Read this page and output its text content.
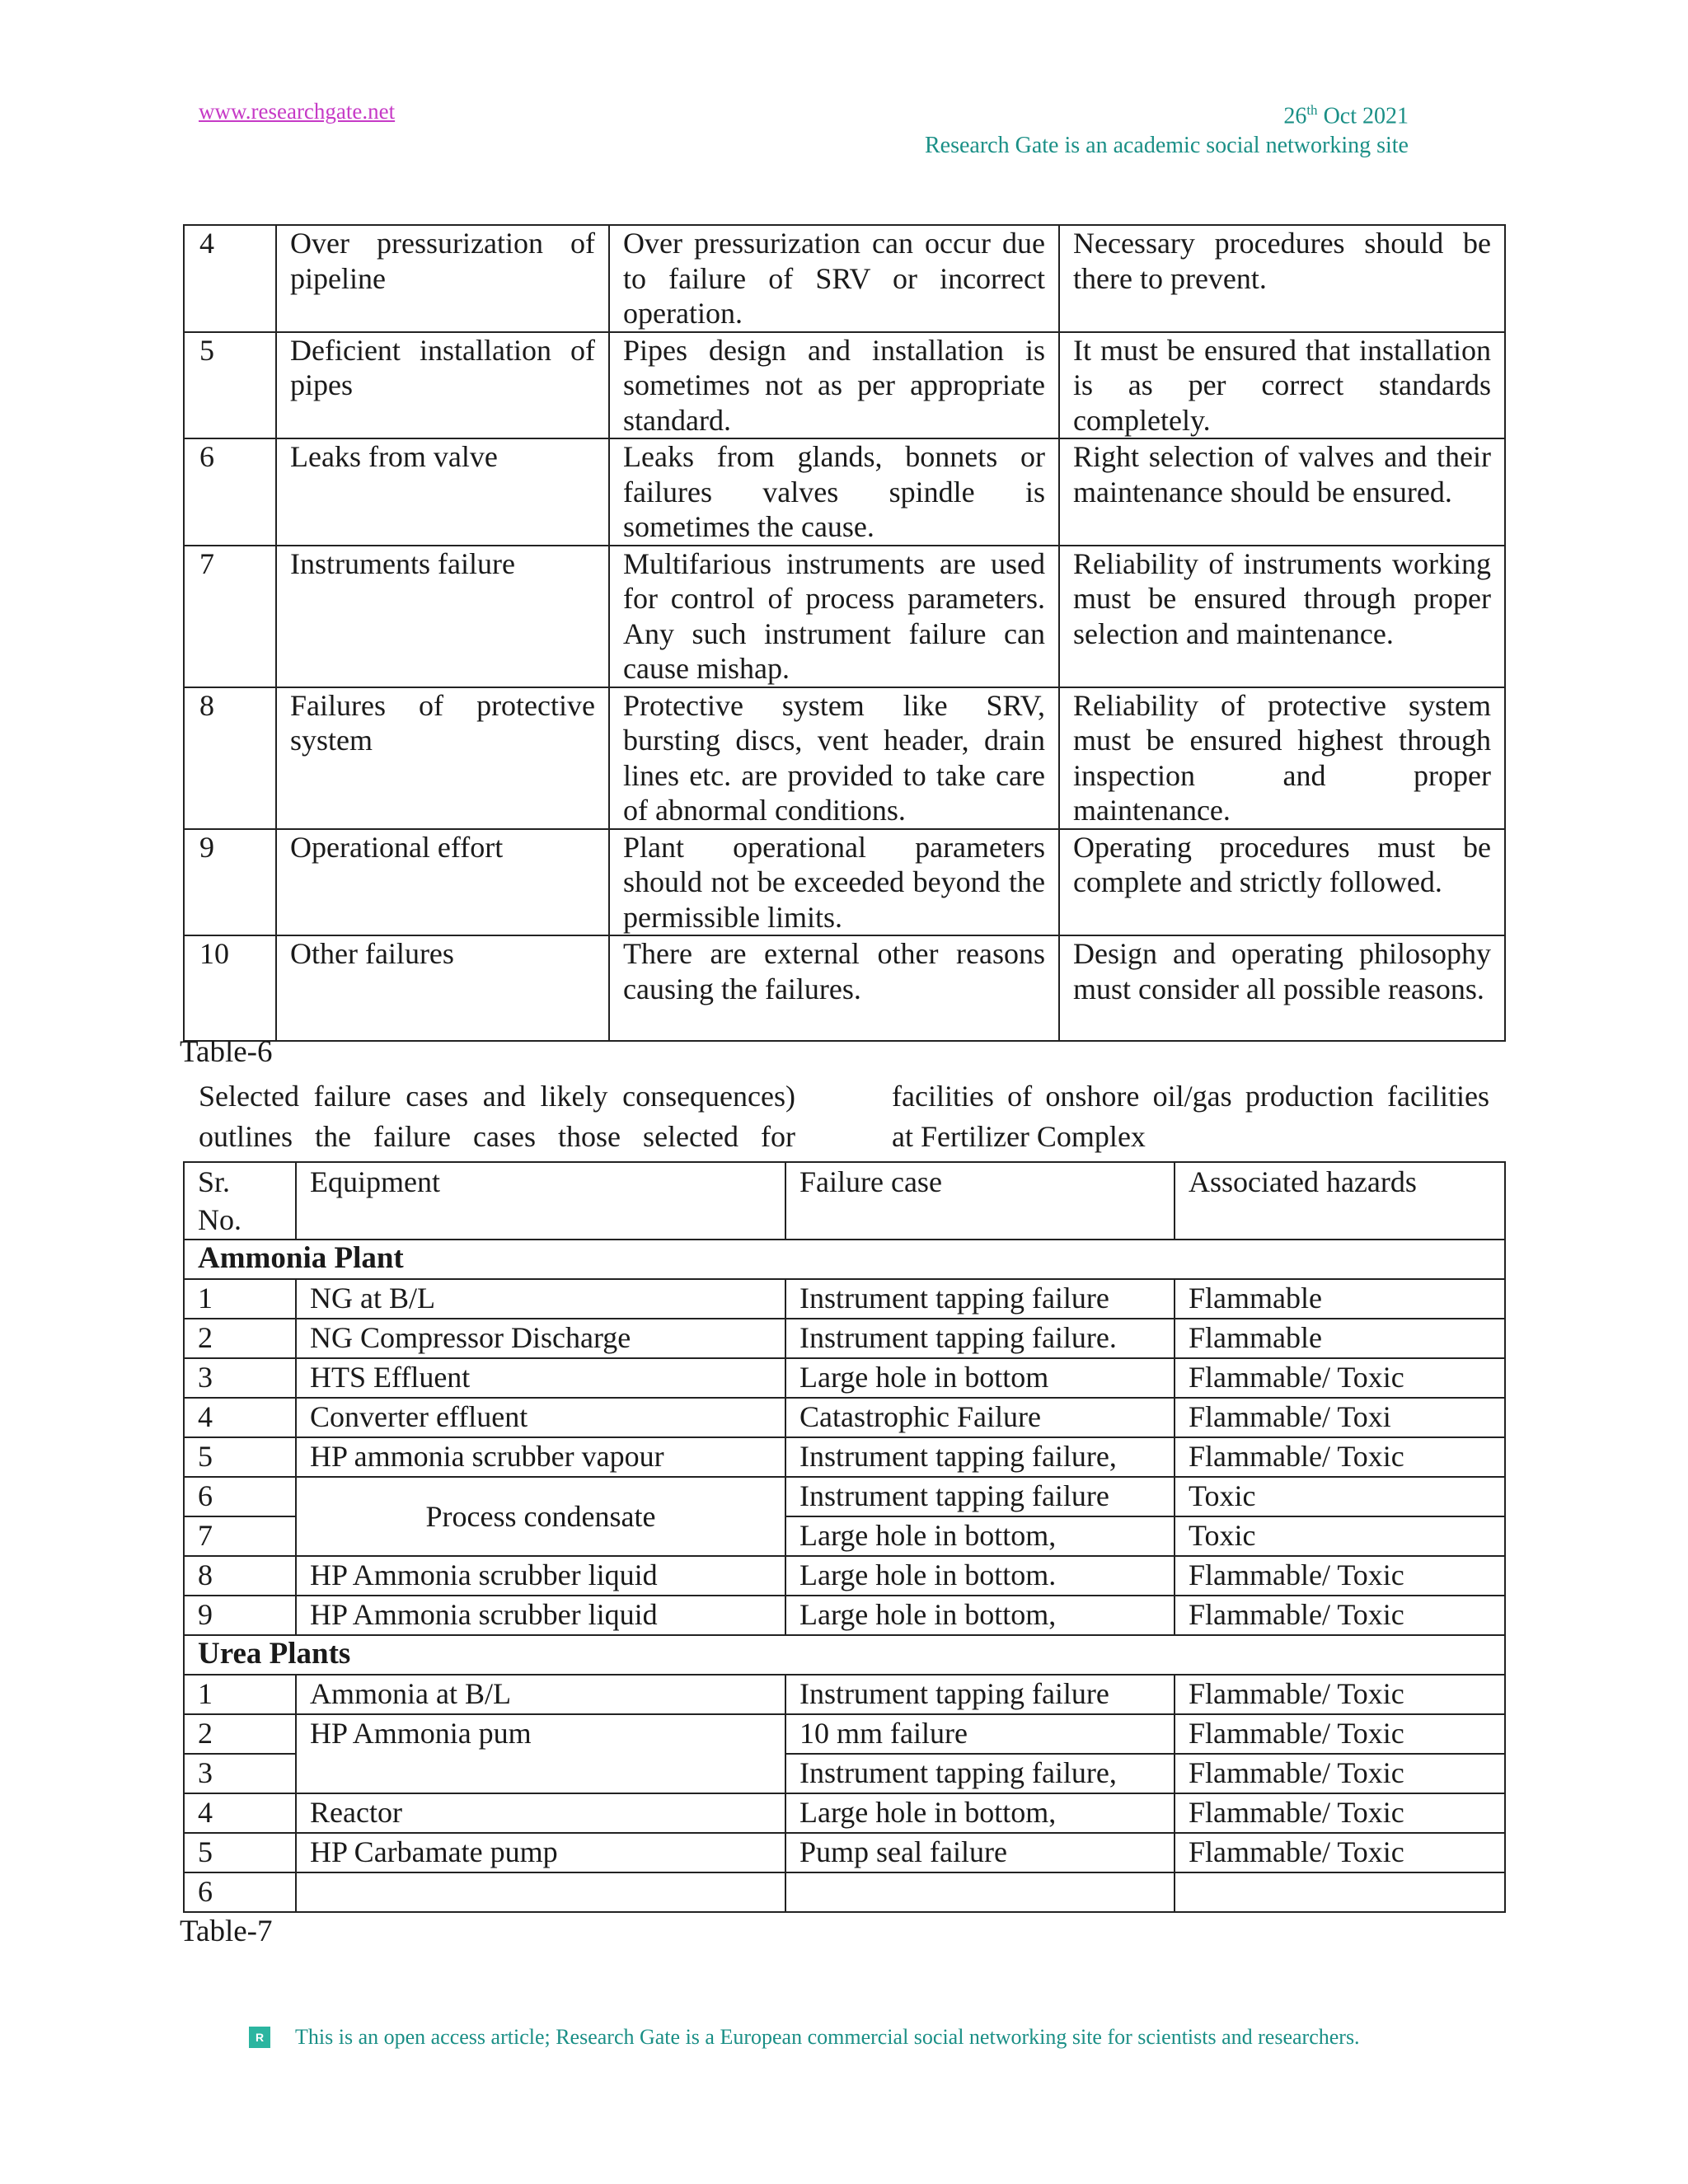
www.researchgate.net	26th Oct 2021
Research Gate is an academic social networking site
4	Over pressurization of pipeline	Over pressurization can occur due to failure of SRV or incorrect operation.	Necessary procedures should be there to prevent.
5	Deficient installation of pipes	Pipes design and installation is sometimes not as per appropriate standard.	It must be ensured that installation is as per correct standards completely.
6	Leaks from valve	Leaks from glands, bonnets or failures valves spindle is sometimes the cause.	Right selection of valves and their maintenance should be ensured.
7	Instruments failure	Multifarious instruments are used for control of process parameters. Any such instrument failure can cause mishap.	Reliability of instruments working must be ensured through proper selection and maintenance.
8	Failures of protective system	Protective system like SRV, bursting discs, vent header, drain lines etc. are provided to take care of abnormal conditions.	Reliability of protective system must be ensured highest through inspection and proper maintenance.
9	Operational effort	Plant operational parameters should not be exceeded beyond the permissible limits.	Operating procedures must be complete and strictly followed.
10	Other failures	There are external other reasons causing the failures.	Design and operating philosophy must consider all possible reasons.
Table-6
Selected failure cases and likely consequences)
outlines the failure cases those selected for
facilities of onshore oil/gas production facilities
at Fertilizer Complex
Sr.
No.	Equipment	Failure case	Associated hazards
Ammonia Plant			
1	NG at B/L	Instrument tapping failure	Flammable
2	NG Compressor Discharge	Instrument tapping failure.	Flammable
3	HTS Effluent	Large hole in bottom	Flammable/ Toxic
4	Converter effluent	Catastrophic Failure	Flammable/ Toxi
5	HP ammonia scrubber vapour	Instrument tapping failure,	Flammable/ Toxic
6	Process condensate	Instrument tapping failure	Toxic
7		Large hole in bottom,	Toxic
8	HP Ammonia scrubber liquid	Large hole in bottom.	Flammable/ Toxic
9	HP Ammonia scrubber liquid	Large hole in bottom,	Flammable/ Toxic
Urea Plants			
1	Ammonia at B/L	Instrument tapping failure	Flammable/ Toxic
2	HP Ammonia pum	10 mm failure	Flammable/ Toxic
3		Instrument tapping failure,	Flammable/ Toxic
4	Reactor	Large hole in bottom,	Flammable/ Toxic
5	HP Carbamate pump	Pump seal failure	Flammable/ Toxic
6			
Table-7
R	This is an open access article; Research Gate is a European commercial social networking site for scientists and researchers.
